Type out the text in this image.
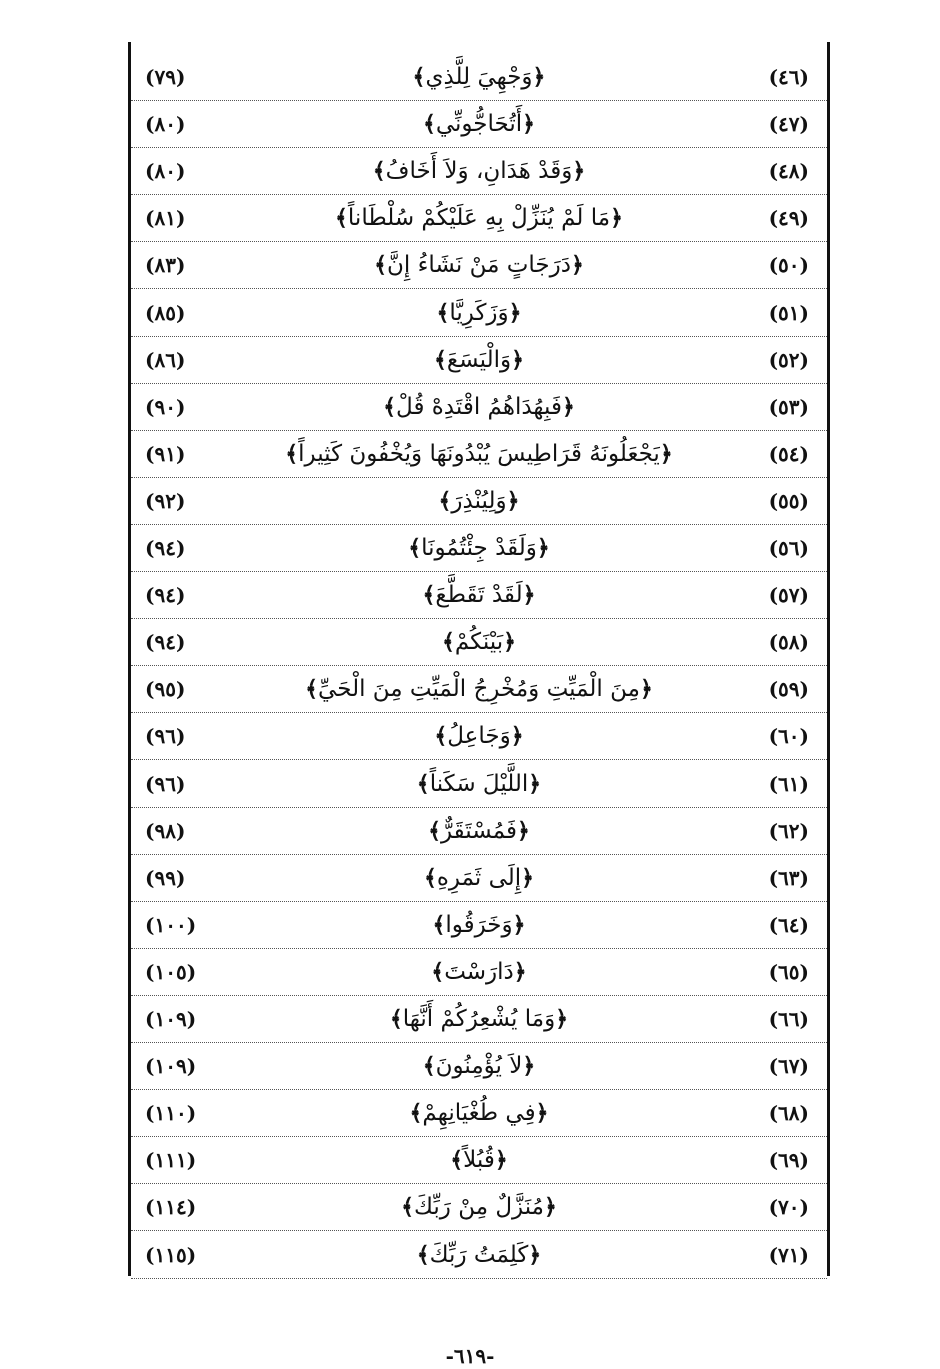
(٤٦)
﴿وَجْهِيَ لِلَّذِي﴾
(٧٩)
(٤٧)
﴿أَتُحَاجُّونِّي﴾
(٨٠)
(٤٨)
﴿وَقَدْ هَدَانِ، وَلاَ أَخَافُ﴾
(٨٠)
(٤٩)
﴿مَا لَمْ يُنَزِّلْ بِهِ عَلَيْكُمْ سُلْطَاناً﴾
(٨١)
(٥٠)
﴿دَرَجَاتٍ مَنْ نَشَاءُ إِنَّ﴾
(٨٣)
(٥١)
﴿وَزَكَرِيَّا﴾
(٨٥)
(٥٢)
﴿وَالْيَسَعَ﴾
(٨٦)
(٥٣)
﴿فَبِهُدَاهُمُ اقْتَدِهْ قُلْ﴾
(٩٠)
(٥٤)
﴿يَجْعَلُونَهُ قَرَاطِيسَ يُبْدُونَهَا وَيُخْفُونَ كَثِيراً﴾
(٩١)
(٥٥)
﴿وَلِيُنْذِرَ﴾
(٩٢)
(٥٦)
﴿وَلَقَدْ جِئْتُمُونَا﴾
(٩٤)
(٥٧)
﴿لَقَدْ تَقَطَّعَ﴾
(٩٤)
(٥٨)
﴿بَيْنَكُمْ﴾
(٩٤)
(٥٩)
﴿مِنَ الْمَيِّتِ وَمُخْرِجُ الْمَيِّتِ مِنَ الْحَيِّ﴾
(٩٥)
(٦٠)
﴿وَجَاعِلُ﴾
(٩٦)
(٦١)
﴿اللَّيْلَ سَكَناً﴾
(٩٦)
(٦٢)
﴿فَمُسْتَقَرٌّ﴾
(٩٨)
(٦٣)
﴿إِلَى ثَمَرِهِ﴾
(٩٩)
(٦٤)
﴿وَخَرَقُوا﴾
(١٠٠)
(٦٥)
﴿دَارَسْتَ﴾
(١٠٥)
(٦٦)
﴿وَمَا يُشْعِرُكُمْ أَنَّهَا﴾
(١٠٩)
(٦٧)
﴿لاَ يُؤْمِنُونَ﴾
(١٠٩)
(٦٨)
﴿فِي طُغْيَانِهِمْ﴾
(١١٠)
(٦٩)
﴿قُبُلاً﴾
(١١١)
(٧٠)
﴿مُنَزَّلٌ مِنْ رَبِّكَ﴾
(١١٤)
(٧١)
﴿كَلِمَتُ رَبِّكَ﴾
(١١٥)
-٦١٩-
